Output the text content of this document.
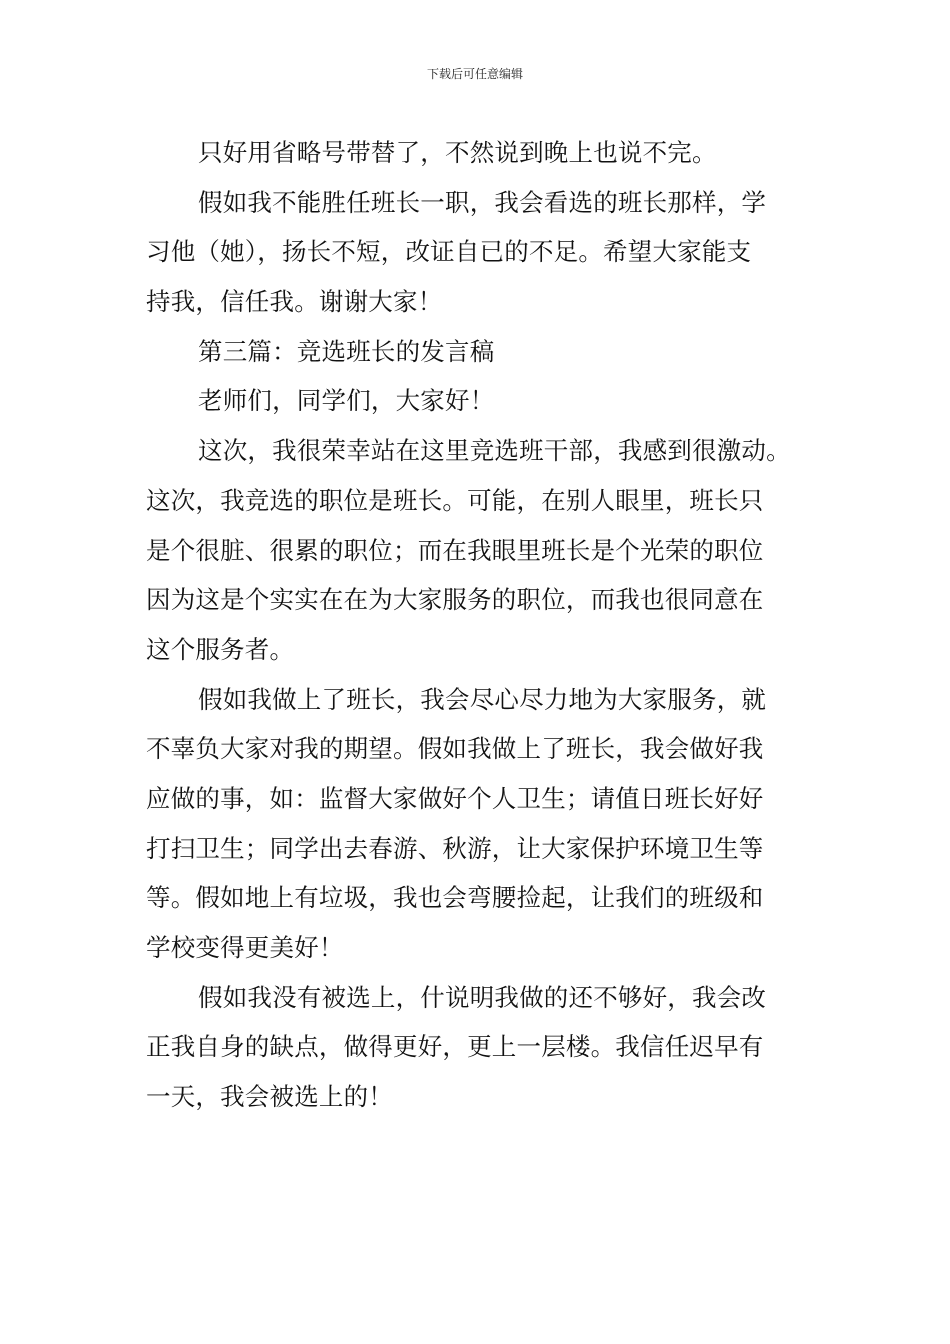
下载后可任意编辑
只好用省略号带替了，不然说到晚上也说不完。
假如我不能胜任班长一职，我会看选的班长那样，学
习他（她），扬长不短，改证自已的不足。希望大家能支
持我，信任我。谢谢大家！
第三篇：竞选班长的发言稿
老师们，同学们，大家好！
这次，我很荣幸站在这里竞选班干部，我感到很激动。
这次，我竞选的职位是班长。可能，在别人眼里，班长只
是个很脏、很累的职位；而在我眼里班长是个光荣的职位
因为这是个实实在在为大家服务的职位，而我也很同意在
这个服务者。
假如我做上了班长，我会尽心尽力地为大家服务，就
不辜负大家对我的期望。假如我做上了班长，我会做好我
应做的事，如：监督大家做好个人卫生；请值日班长好好
打扫卫生；同学出去春游、秋游，让大家保护环境卫生等
等。假如地上有垃圾，我也会弯腰捡起，让我们的班级和
学校变得更美好！
假如我没有被选上，什说明我做的还不够好，我会改
正我自身的缺点，做得更好，更上一层楼。我信任迟早有
一天，我会被选上的！
